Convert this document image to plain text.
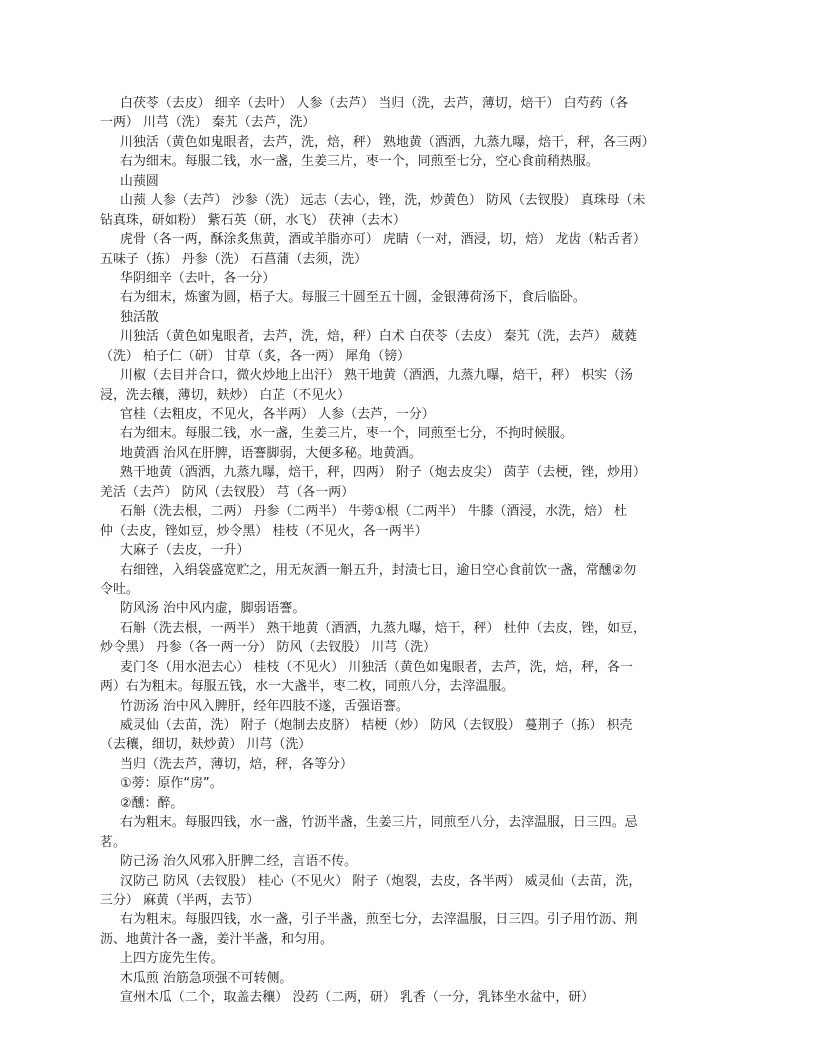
白茯苓（去皮） 细辛（去叶） 人参（去芦） 当归（洗，去芦，薄切，焙干） 白芍药（各
一两） 川芎（洗） 秦艽（去芦，洗）
川独活（黄色如鬼眼者，去芦，洗，焙，秤） 熟地黄（酒洒，九蒸九曝，焙干，秤，各三两）
右为细末。每服二钱，水一盏，生姜三片，枣一个，同煎至七分，空心食前稍热服。
山蓣圆
山蓣 人参（去芦） 沙参（洗） 远志（去心，锉，洗，炒黄色） 防风（去钗股） 真珠母（未
钻真珠，研如粉） 紫石英（研，水飞） 茯神（去木）
虎骨（各一两，酥涂炙焦黄，酒或羊脂亦可） 虎睛（一对，酒浸，切，焙） 龙齿（粘舌者）
五味子（拣） 丹参（洗） 石菖蒲（去须，洗）
华阴细辛（去叶，各一分）
右为细末，炼蜜为圆，梧子大。每服三十圆至五十圆，金银薄荷汤下，食后临卧。
独活散
川独活（黄色如鬼眼者，去芦，洗，焙，秤）白术 白茯苓（去皮） 秦艽（洗，去芦） 葳蕤
（洗） 柏子仁（研） 甘草（炙，各一两） 犀角（镑）
川椒（去目并合口，微火炒地上出汗） 熟干地黄（酒洒，九蒸九曝，焙干，秤） 枳实（汤
浸，洗去穰，薄切，麸炒） 白芷（不见火）
官桂（去粗皮，不见火，各半两） 人参（去芦，一分）
右为细末。每服二钱，水一盏，生姜三片，枣一个，同煎至七分，不拘时候服。
地黄酒 治风在肝脾，语謇脚弱，大便多秘。地黄酒。
熟干地黄（酒洒，九蒸九曝，焙干，秤，四两） 附子（炮去皮尖） 茵芋（去梗，锉，炒用）
羌活（去芦） 防风（去钗股） 芎（各一两）
石斛（洗去根，二两） 丹参（二两半） 牛蒡①根（二两半） 牛膝（酒浸，水洗，焙） 杜
仲（去皮，锉如豆，炒令黑） 桂枝（不见火，各一两半）
大麻子（去皮，一升）
右细锉，入绢袋盛宽贮之，用无灰酒一斛五升，封渍七日，逾日空心食前饮一盏，常醺②勿
令吐。
防风汤 治中风内虚，脚弱语謇。
石斛（洗去根，一两半） 熟干地黄（酒洒，九蒸九曝，焙干，秤） 杜仲（去皮，锉，如豆，
炒令黑） 丹参（各一两一分） 防风（去钗股） 川芎（洗）
麦门冬（用水浥去心） 桂枝（不见火） 川独活（黄色如鬼眼者，去芦，洗，焙，秤，各一
两）右为粗末。每服五钱，水一大盏半，枣二枚，同煎八分，去滓温服。
竹沥汤 治中风入脾肝，经年四肢不遂，舌强语謇。
威灵仙（去苗，洗） 附子（炮制去皮脐） 桔梗（炒） 防风（去钗股） 蔓荆子（拣） 枳壳
（去穰，细切，麸炒黄） 川芎（洗）
当归（洗去芦，薄切，焙，秤，各等分）
①蒡：原作“房”。
②醺：醉。
右为粗末。每服四钱，水一盏，竹沥半盏，生姜三片，同煎至八分，去滓温服，日三四。忌
茗。
防己汤 治久风邪入肝脾二经，言语不传。
汉防己 防风（去钗股） 桂心（不见火） 附子（炮裂，去皮，各半两） 威灵仙（去苗，洗，
三分） 麻黄（半两，去节）
右为粗末。每服四钱，水一盏，引子半盏，煎至七分，去滓温服，日三四。引子用竹沥、荆
沥、地黄汁各一盏，姜汁半盏，和匀用。
上四方庞先生传。
木瓜煎 治筋急项强不可转侧。
宣州木瓜（二个，取盖去穰） 没药（二两，研） 乳香（一分，乳钵坐水盆中，研）
